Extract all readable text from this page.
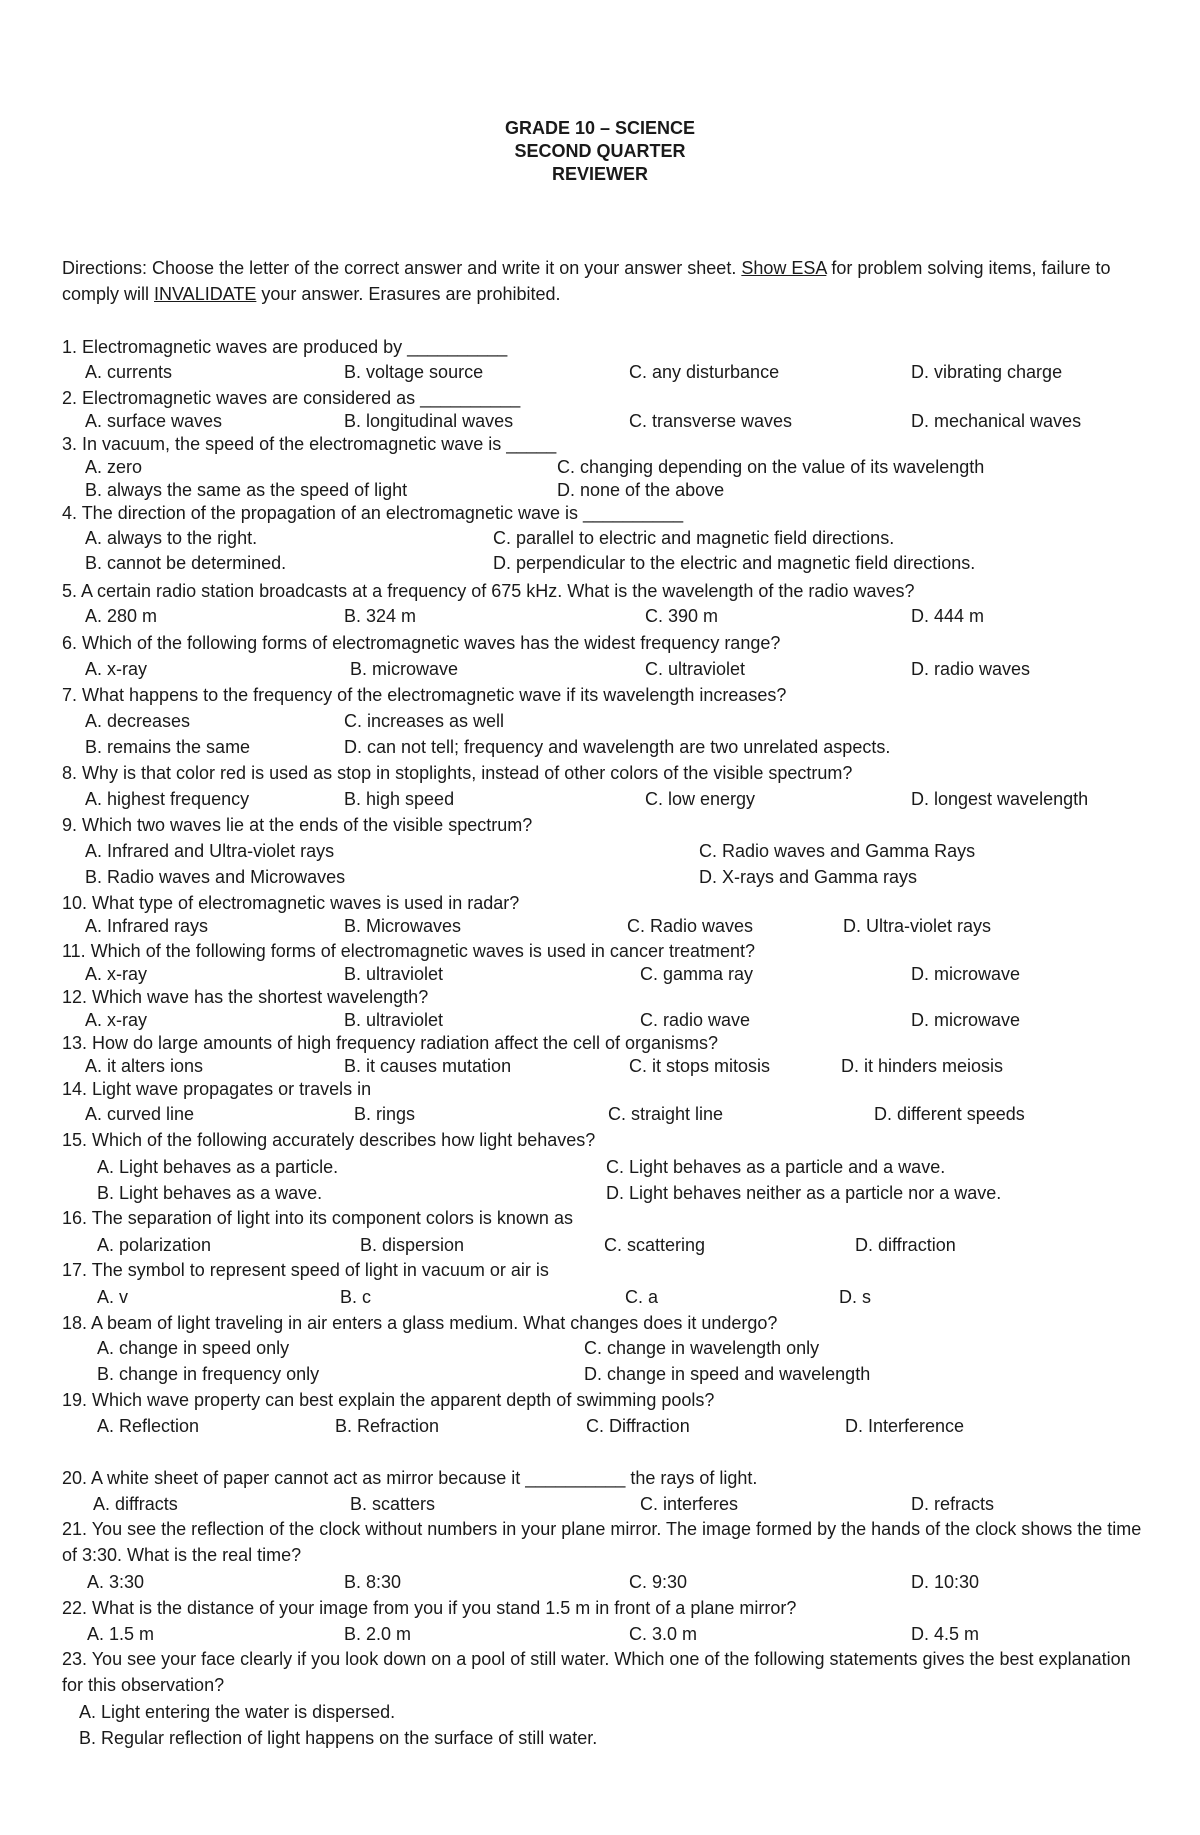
GRADE 10 – SCIENCE
SECOND QUARTER
REVIEWER
Directions: Choose the letter of the correct answer and write it on your answer sheet. Show ESA for problem solving items, failure to comply will INVALIDATE your answer. Erasures are prohibited.
1. Electromagnetic waves are produced by __________
A. currents	B. voltage source	C. any disturbance	D. vibrating charge
2. Electromagnetic waves are considered as __________
A. surface waves	B. longitudinal waves	C. transverse waves	D. mechanical waves
3. In vacuum, the speed of the electromagnetic wave is _____
A. zero	C. changing depending on the value of its wavelength
B. always the same as the speed of light	D. none of the above
4. The direction of the propagation of an electromagnetic wave is __________
A. always to the right.	C. parallel to electric and magnetic field directions.
B. cannot be determined.	D. perpendicular to the electric and magnetic field directions.
5. A certain radio station broadcasts at a frequency of 675 kHz. What is the wavelength of the radio waves?
A. 280 m	B. 324 m	C. 390 m	D. 444 m
6. Which of the following forms of electromagnetic waves has the widest frequency range?
A. x-ray	B. microwave	C. ultraviolet	D. radio waves
7. What happens to the frequency of the electromagnetic wave if its wavelength increases?
A. decreases	C. increases as well
B. remains the same	D. can not tell; frequency and wavelength are two unrelated aspects.
8. Why is that color red is used as stop in stoplights, instead of other colors of the visible spectrum?
A. highest frequency	B. high speed	C. low energy	D. longest wavelength
9. Which two waves lie at the ends of the visible spectrum?
A. Infrared and Ultra-violet rays	C. Radio waves and Gamma Rays
B. Radio waves and Microwaves	D. X-rays and Gamma rays
10. What type of electromagnetic waves is used in radar?
A. Infrared rays	B. Microwaves	C. Radio waves	D. Ultra-violet rays
11. Which of the following forms of electromagnetic waves is used in cancer treatment?
A. x-ray	B. ultraviolet	C. gamma ray	D. microwave
12. Which wave has the shortest wavelength?
A. x-ray	B. ultraviolet	C. radio wave	D. microwave
13. How do large amounts of high frequency radiation affect the cell of organisms?
A. it alters ions	B. it causes mutation	C. it stops mitosis	D. it hinders meiosis
14. Light wave propagates or travels in
A. curved line	B. rings	C. straight line	D. different speeds
15. Which of the following accurately describes how light behaves?
A. Light behaves as a particle.	C. Light behaves as a particle and a wave.
B. Light behaves as a wave.	D. Light behaves neither as a particle nor a wave.
16. The separation of light into its component colors is known as
A. polarization	B. dispersion	C. scattering	D. diffraction
17. The symbol to represent speed of light in vacuum or air is
A. v	B. c	C. a	D. s
18. A beam of light traveling in air enters a glass medium. What changes does it undergo?
A. change in speed only	C. change in wavelength only
B. change in frequency only	D. change in speed and wavelength
19. Which wave property can best explain the apparent depth of swimming pools?
A. Reflection	B. Refraction	C. Diffraction	D. Interference
20. A white sheet of paper cannot act as mirror because it __________ the rays of light.
A. diffracts	B. scatters	C. interferes	D. refracts
21. You see the reflection of the clock without numbers in your plane mirror. The image formed by the hands of the clock shows the time of 3:30. What is the real time?
A. 3:30	B. 8:30	C. 9:30	D. 10:30
22. What is the distance of your image from you if you stand 1.5 m in front of a plane mirror?
A. 1.5 m	B. 2.0 m	C. 3.0 m	D. 4.5 m
23. You see your face clearly if you look down on a pool of still water. Which one of the following statements gives the best explanation for this observation?
A. Light entering the water is dispersed.
B. Regular reflection of light happens on the surface of still water.
